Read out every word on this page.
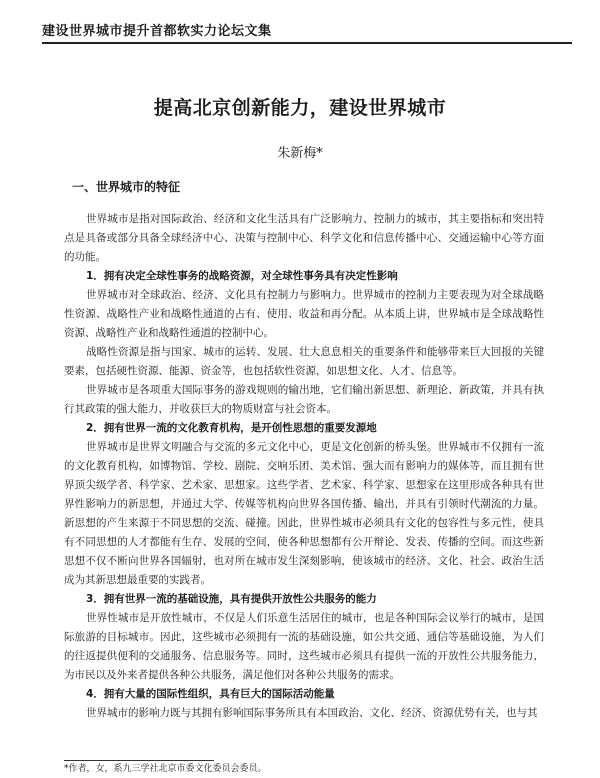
建设世界城市提升首都软实力论坛文集
提高北京创新能力，建设世界城市
朱新梅*
一、世界城市的特征

世界城市是指对国际政治、经济和文化生活具有广泛影响力、控制力的城市，其主要指标和突出特点是具备或部分具备全球经济中心、决策与控制中心、科学文化和信息传播中心、交通运输中心等方面的功能。

1．拥有决定全球性事务的战略资源，对全球性事务具有决定性影响

世界城市对全球政治、经济、文化具有控制力与影响力。世界城市的控制力主要表现为对全球战略性资源、战略性产业和战略性通道的占有、使用、收益和再分配。从本质上讲，世界城市是全球战略性资源、战略性产业和战略性通道的控制中心。

战略性资源是指与国家、城市的运转、发展、壮大息息相关的重要条件和能够带来巨大回报的关键要素，包括硬性资源、能源、资金等，也包括软性资源，如思想文化、人才、信息等。

世界城市是各项重大国际事务的游戏规则的输出地，它们输出新思想、新理论、新政策，并具有执行其政策的强大能力，并收获巨大的物质财富与社会资本。

2．拥有世界一流的文化教育机构，是开创性思想的重要发源地

世界城市是世界文明融合与交流的多元文化中心，更是文化创新的桥头堡。世界城市不仅拥有一流的文化教育机构，如博物馆、学校、剧院、交响乐团、美术馆、强大而有影响力的媒体等，而且拥有世界顶尖级学者、科学家、艺术家、思想家。这些学者、艺术家、科学家、思想家在这里形成各种具有世界性影响力的新思想，并通过大学、传媒等机构向世界各国传播、输出，并具有引领时代潮流的力量。新思想的产生来源于不同思想的交流、碰撞。因此，世界性城市必须具有文化的包容性与多元性，使具有不同思想的人才都能有生存、发展的空间，使各种思想都有公开辩论、发表、传播的空间。而这些新思想不仅不断向世界各国辐射，也对所在城市发生深刻影响，使该城市的经济、文化、社会、政治生活成为其新思想最重要的实践者。

3．拥有世界一流的基础设施，具有提供开放性公共服务的能力

世界性城市是开放性城市，不仅是人们乐意生活居住的城市，也是各种国际会议举行的城市，是国际旅游的目标城市。因此，这些城市必须拥有一流的基础设施，如公共交通、通信等基础设施，为人们的往返提供便利的交通服务、信息服务等。同时，这些城市必须具有提供一流的开放性公共服务能力，为市民以及外来者提供各种公共服务，满足他们对各种公共服务的需求。

4．拥有大量的国际性组织，具有巨大的国际活动能量

世界城市的影响力既与其拥有影响国际事务所具有本国政治、文化、经济、资源优势有关，也与其

*作者，女，系九三学社北京市委文化委员会委员。
